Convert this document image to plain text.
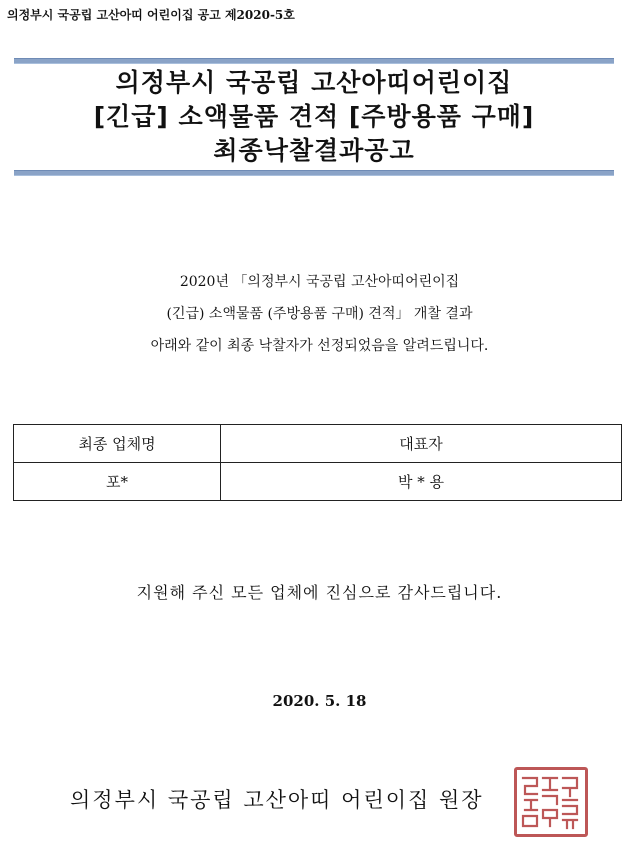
의정부시 국공립 고산아띠 어린이집 공고 제2020-5호
의정부시 국공립 고산아띠어린이집
[긴급] 소액물품 견적 [주방용품 구매]
최종낙찰결과공고
2020년 「의정부시 국공립 고산아띠어린이집
(긴급) 소액물품 (주방용품 구매) 견적」 개찰 결과
아래와 같이 최종 낙찰자가 선정되었음을 알려드립니다.
최종 업체명	대표자
포*	박 * 용
지원해 주신 모든 업체에 진심으로 감사드립니다.
2020. 5. 18
의정부시 국공립 고산아띠 어린이집 원장
